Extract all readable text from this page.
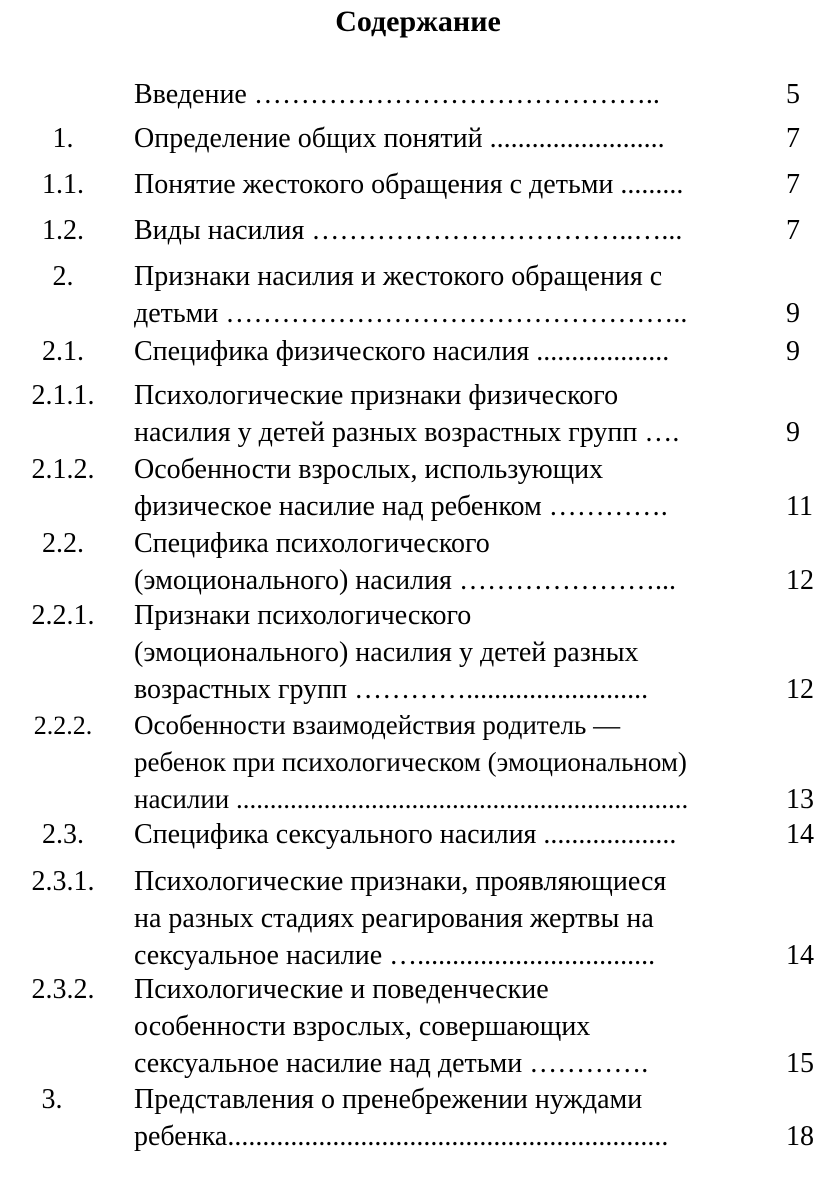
Содержание
Введение ……………………………………..	5
1.	Определение общих понятий .........................	7
1.1.	Понятие жестокого обращения с детьми .........	7
1.2.	Виды насилия ……………………………..…...	7
2.	Признаки насилия и жестокого обращения с
детьми …………………………………………..	9
2.1.	Специфика физического насилия ...................	9
2.1.1.	Психологические признаки физического
насилия у детей разных возрастных групп ….	9
2.1.2.	Особенности взрослых, использующих
физическое насилие над ребенком ………….	11
2.2.	Специфика психологического
(эмоционального) насилия …………………...	12
2.2.1.	Признаки психологического
(эмоционального) насилия у детей разных
возрастных групп …………..........................	12
2.2.2.	Особенности взаимодействия родитель —
ребенок при психологическом (эмоциональном)
насилии ...................................................................	13
2.3.	Специфика сексуального насилия ...................	14
2.3.1.	Психологические признаки, проявляющиеся
на разных стадиях реагирования жертвы на
сексуальное насилие …..................................	14
2.3.2.	Психологические и поведенческие
особенности взрослых, совершающих
сексуальное насилие над детьми ………….	15
3.	Представления о пренебрежении нуждами
ребенка...............................................................	18
